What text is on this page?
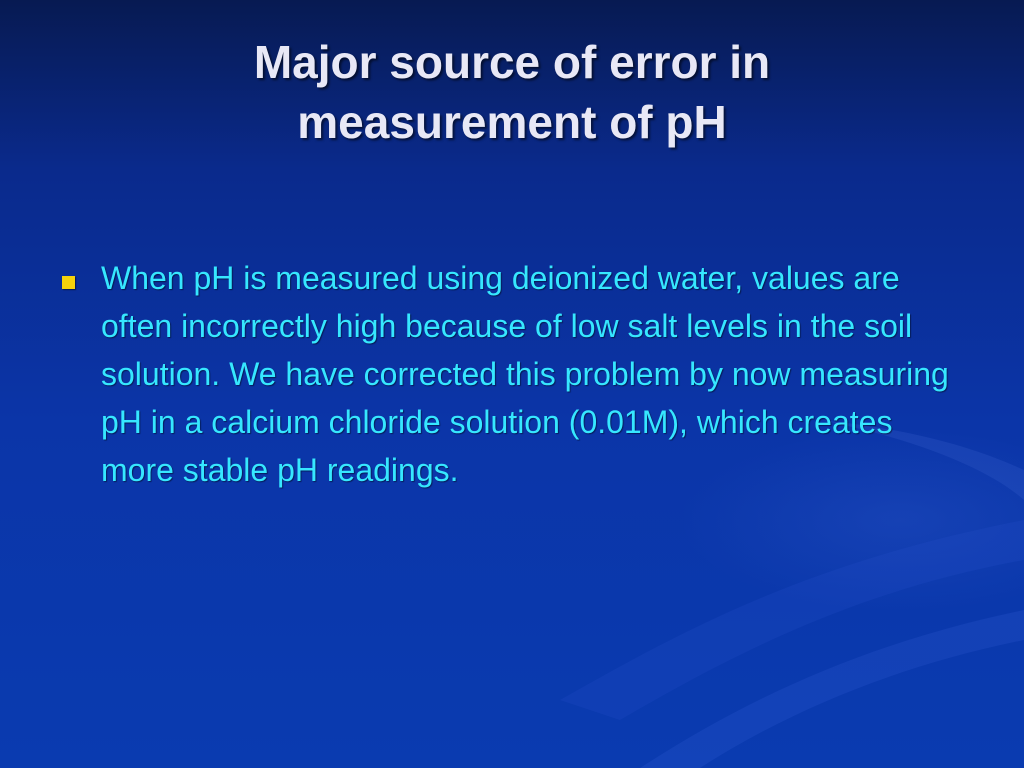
Major source of error in
measurement of pH
When pH is measured using deionized water, values are often incorrectly high because of low salt levels in the soil solution. We have corrected this problem by now measuring pH in a calcium chloride solution (0.01M), which creates more stable pH readings.
